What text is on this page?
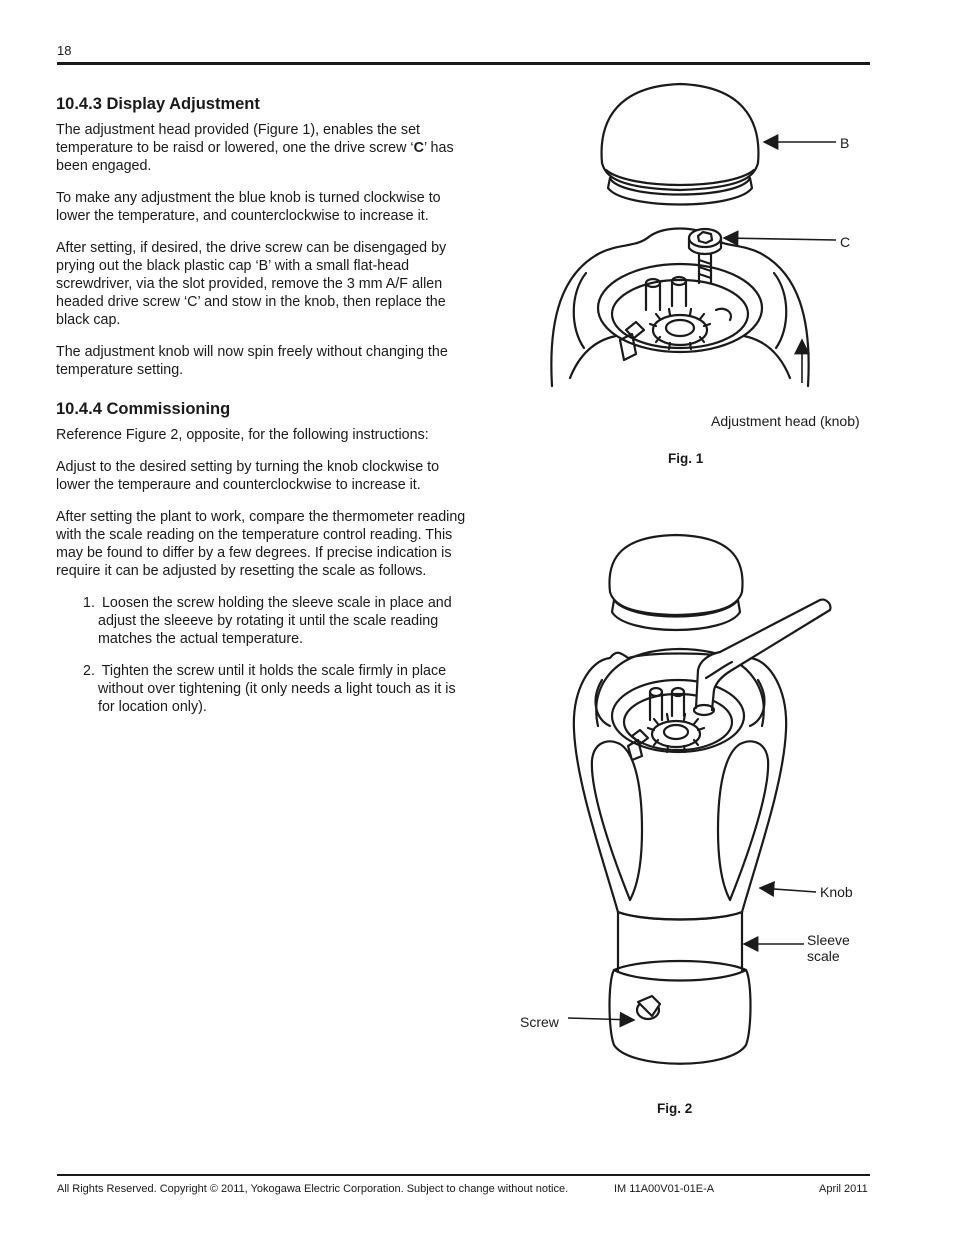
18
10.4.3 Display Adjustment

The adjustment head provided (Figure 1), enables the set temperature to be raisd or lowered, one the drive screw ‘C’ has been engaged.

To make any adjustment the blue knob is turned clockwise to lower the temperature, and counterclockwise to increase it.

After setting, if desired, the drive screw can be disengaged by prying out the black plastic cap ‘B’ with a small flat-head screwdriver, via the slot provided, remove the 3 mm A/F allen headed drive screw ‘C’ and stow in the knob, then replace the black cap.

The adjustment knob will now spin freely without changing the temperature setting.

10.4.4 Commissioning

Reference Figure 2, opposite, for the following instructions:

Adjust to the desired setting by turning the knob clockwise to lower the temperaure and counterclockwise to increase it.

After setting the plant to work, compare the thermometer reading with the scale reading on the temperature control reading. This may be found to differ by a few degrees. If precise indication is require it can be adjusted by resetting the scale as follows.

1. Loosen the screw holding the sleeve scale in place and adjust the sleeeve by rotating it until the scale reading matches the actual temperature.
2. Tighten the screw until it holds the scale firmly in place without over tightening (it only needs a light touch as it is for location only).
B
C
Adjustment head (knob)
Fig. 1
Knob
Sleeve
scale
Screw
Fig. 2
All Rights Reserved. Copyright © 2011, Yokogawa Electric Corporation. Subject to change without notice.	IM 11A00V01-01E-A	April 2011
